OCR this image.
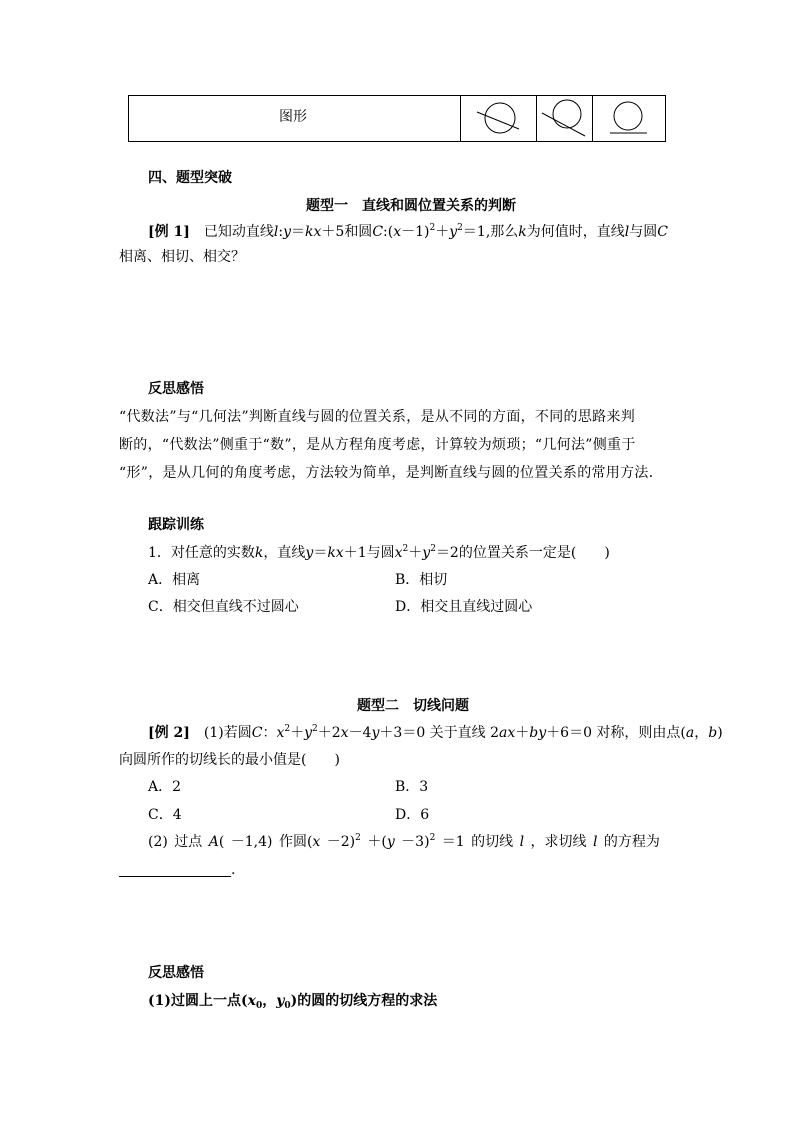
图形
四、题型突破
题型一　直线和圆位置关系的判断
[例 1]　已知动直线l:y＝kx＋5和圆$C:(x-1)^2+y^2=1$,那么k为何值时，直线l与圆C
相离、相切、相交？
反思感悟
“代数法”与“几何法”判断直线与圆的位置关系，是从不同的方面，不同的思路来判
断的，“代数法”侧重于“数”，是从方程角度考虑，计算较为烦琐；“几何法”侧重于
“形”，是从几何的角度考虑，方法较为简单，是判断直线与圆的位置关系的常用方法．
跟踪训练
1．对任意的实数k，直线y＝kx＋1与圆$x^2+y^2=2$的位置关系一定是(　　)
A．相离	B．相切
C．相交但直线不过圆心	D．相交且直线过圆心
题型二　切线问题
[例 2]　 (1)若圆C：$x^2+y^2+2x-4y+3=0$ 关于直线 2ax＋by＋6＝0 对称，则由点(a，b)
向圆所作的切线长的最小值是(　　)
A．2	B．3
C．4	D．6
(2) 过点 A( －1,4) 作圆$(x -2)^2 +(y -3)^2 =1$ 的切线 l ，求切线 l 的方程为
.
反思感悟
(1)过圆上一点($x_0$，$y_0$)的圆的切线方程的求法
